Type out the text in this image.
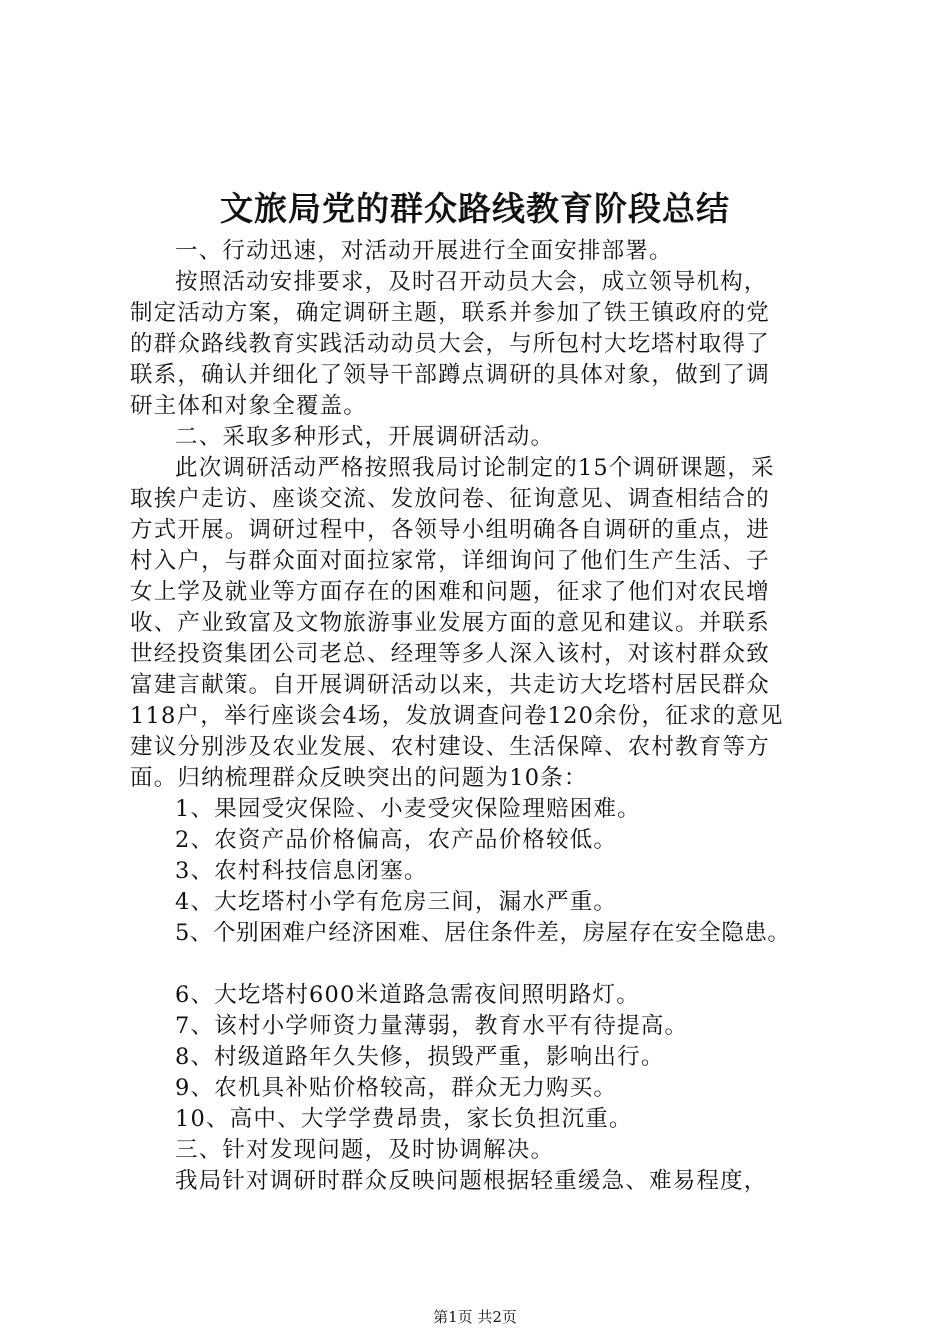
文旅局党的群众路线教育阶段总结
一、行动迅速，对活动开展进行全面安排部署。
按照活动安排要求，及时召开动员大会，成立领导机构，
制定活动方案，确定调研主题，联系并参加了铁王镇政府的党
的群众路线教育实践活动动员大会，与所包村大圪塔村取得了
联系，确认并细化了领导干部蹲点调研的具体对象，做到了调
研主体和对象全覆盖。
二、采取多种形式，开展调研活动。
此次调研活动严格按照我局讨论制定的15个调研课题，采
取挨户走访、座谈交流、发放问卷、征询意见、调查相结合的
方式开展。调研过程中，各领导小组明确各自调研的重点，进
村入户，与群众面对面拉家常，详细询问了他们生产生活、子
女上学及就业等方面存在的困难和问题，征求了他们对农民增
收、产业致富及文物旅游事业发展方面的意见和建议。并联系
世经投资集团公司老总、经理等多人深入该村，对该村群众致
富建言献策。自开展调研活动以来，共走访大圪塔村居民群众
118户，举行座谈会4场，发放调查问卷120余份，征求的意见
建议分别涉及农业发展、农村建设、生活保障、农村教育等方
面。归纳梳理群众反映突出的问题为10条：
1、果园受灾保险、小麦受灾保险理赔困难。
2、农资产品价格偏高，农产品价格较低。
3、农村科技信息闭塞。
4、大圪塔村小学有危房三间，漏水严重。
5、个别困难户经济困难、居住条件差，房屋存在安全隐患。
6、大圪塔村600米道路急需夜间照明路灯。
7、该村小学师资力量薄弱，教育水平有待提高。
8、村级道路年久失修，损毁严重，影响出行。
9、农机具补贴价格较高，群众无力购买。
10、高中、大学学费昂贵，家长负担沉重。
三、针对发现问题，及时协调解决。
我局针对调研时群众反映问题根据轻重缓急、难易程度，
第1页 共2页
